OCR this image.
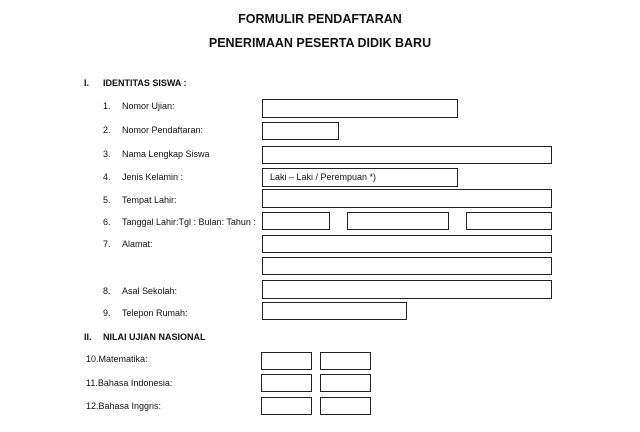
FORMULIR PENDAFTARAN
PENERIMAAN PESERTA DIDIK BARU
I. IDENTITAS SISWA :
1. Nomor Ujian:
2. Nomor Pendaftaran:
3. Nama Lengkap Siswa
4. Jenis Kelamin :	Laki – Laki / Perempuan *)
5. Tempat Lahir:
6. Tanggal Lahir:Tgl : Bulan: Tahun :
7. Alamat:
8. Asal Sekolah:
9. Telepon Rumah:
II. NILAI UJIAN NASIONAL
10.Matematika:
11.Bahasa Indonesia:
12.Bahasa Inggris:
